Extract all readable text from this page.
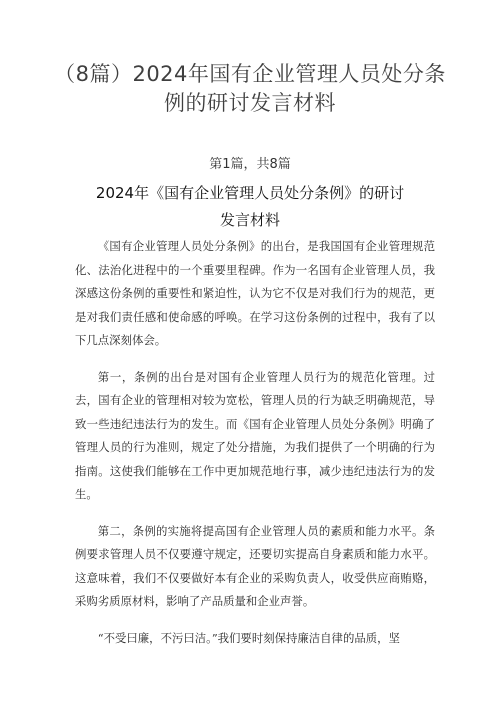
（8篇）2024年国有企业管理人员处分条
例的研讨发言材料
第1篇，共8篇
2024年《国有企业管理人员处分条例》的研讨
发言材料

《国有企业管理人员处分条例》的出台，是我国国有企业管理规范化、法治化进程中的一个重要里程碑。作为一名国有企业管理人员，我深感这份条例的重要性和紧迫性，认为它不仅是对我们行为的规范，更是对我们责任感和使命感的呼唤。在学习这份条例的过程中，我有了以下几点深刻体会。

第一，条例的出台是对国有企业管理人员行为的规范化管理。过去，国有企业的管理相对较为宽松，管理人员的行为缺乏明确规范，导致一些违纪违法行为的发生。而《国有企业管理人员处分条例》明确了管理人员的行为准则，规定了处分措施，为我们提供了一个明确的行为指南。这使我们能够在工作中更加规范地行事，减少违纪违法行为的发生。

第二，条例的实施将提高国有企业管理人员的素质和能力水平。条例要求管理人员不仅要遵守规定，还要切实提高自身素质和能力水平。这意味着，我们不仅要做好本有企业的采购负责人，收受供应商贿赂，采购劣质原材料，影响了产品质量和企业声誉。

“不受曰廉，不污曰洁。”我们要时刻保持廉洁自律的品质，坚
